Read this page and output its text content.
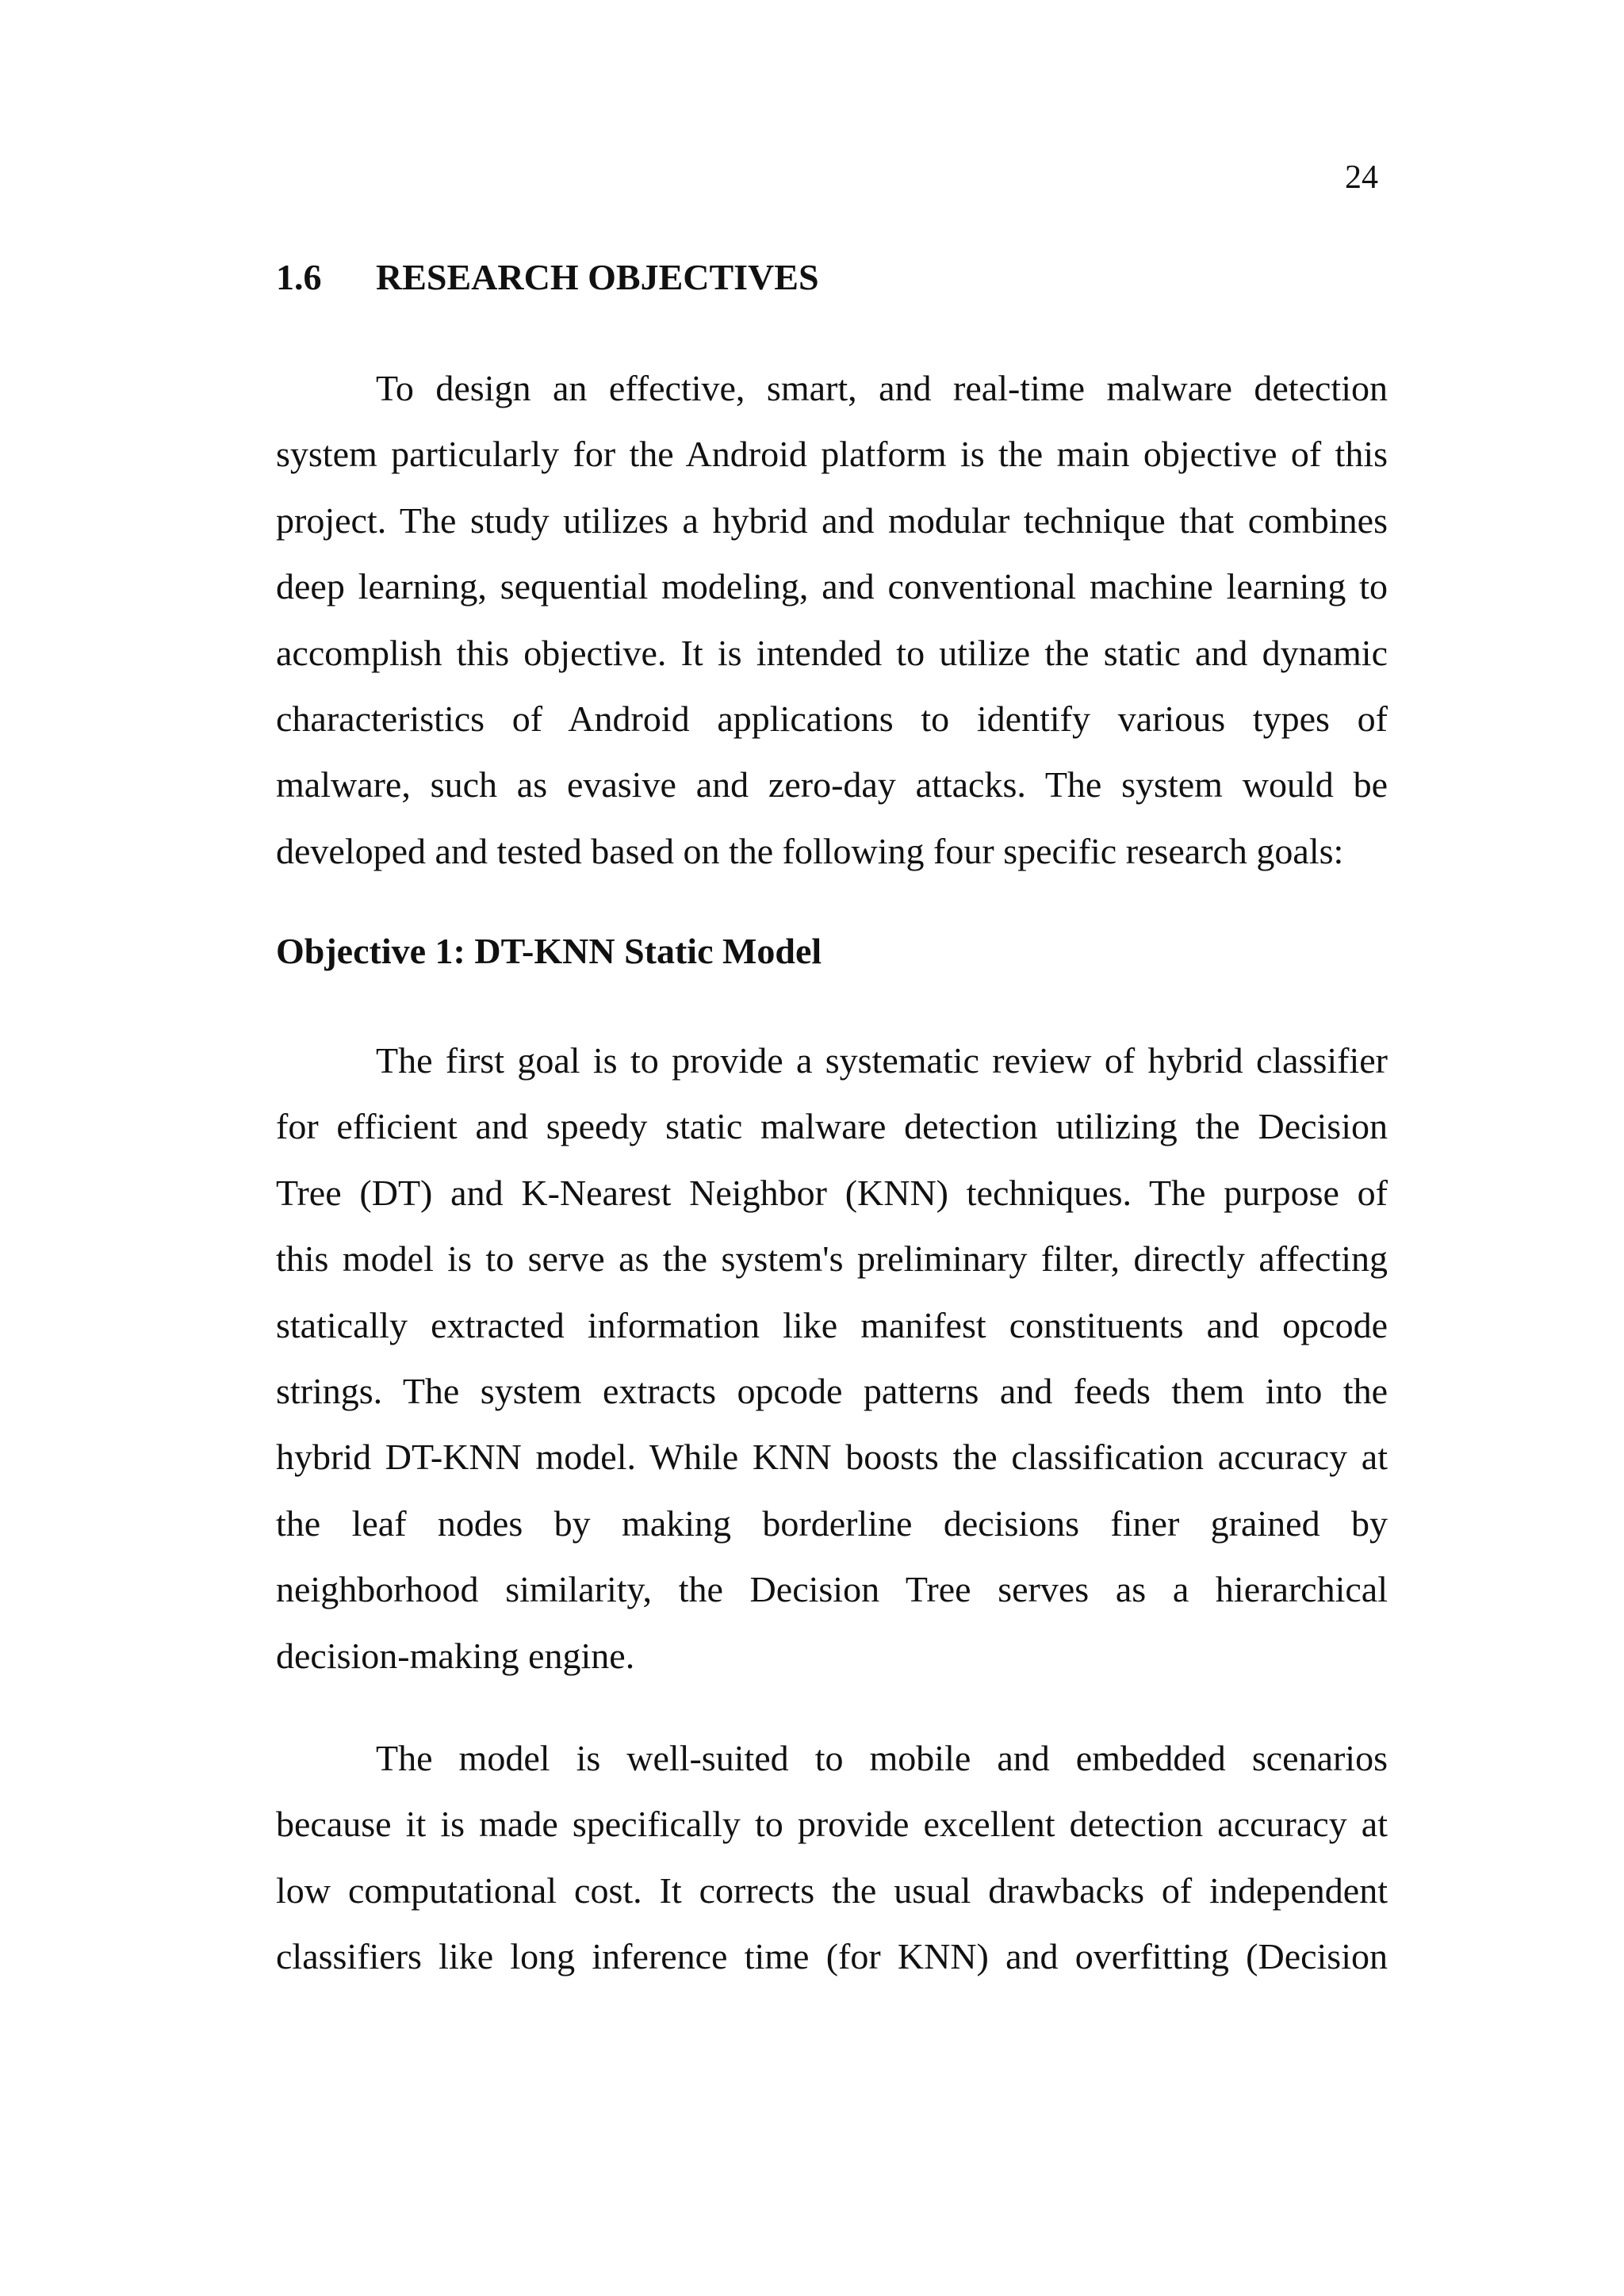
24
1.6 RESEARCH OBJECTIVES
To design an effective, smart, and real-time malware detection
system particularly for the Android platform is the main objective of this
project. The study utilizes a hybrid and modular technique that combines
deep learning, sequential modeling, and conventional machine learning to
accomplish this objective. It is intended to utilize the static and dynamic
characteristics of Android applications to identify various types of
malware, such as evasive and zero-day attacks. The system would be
developed and tested based on the following four specific research goals:
Objective 1: DT-KNN Static Model
The first goal is to provide a systematic review of hybrid classifier
for efficient and speedy static malware detection utilizing the Decision
Tree (DT) and K-Nearest Neighbor (KNN) techniques. The purpose of
this model is to serve as the system's preliminary filter, directly affecting
statically extracted information like manifest constituents and opcode
strings. The system extracts opcode patterns and feeds them into the
hybrid DT-KNN model. While KNN boosts the classification accuracy at
the leaf nodes by making borderline decisions finer grained by
neighborhood similarity, the Decision Tree serves as a hierarchical
decision-making engine.
The model is well-suited to mobile and embedded scenarios
because it is made specifically to provide excellent detection accuracy at
low computational cost. It corrects the usual drawbacks of independent
classifiers like long inference time (for KNN) and overfitting (Decision
